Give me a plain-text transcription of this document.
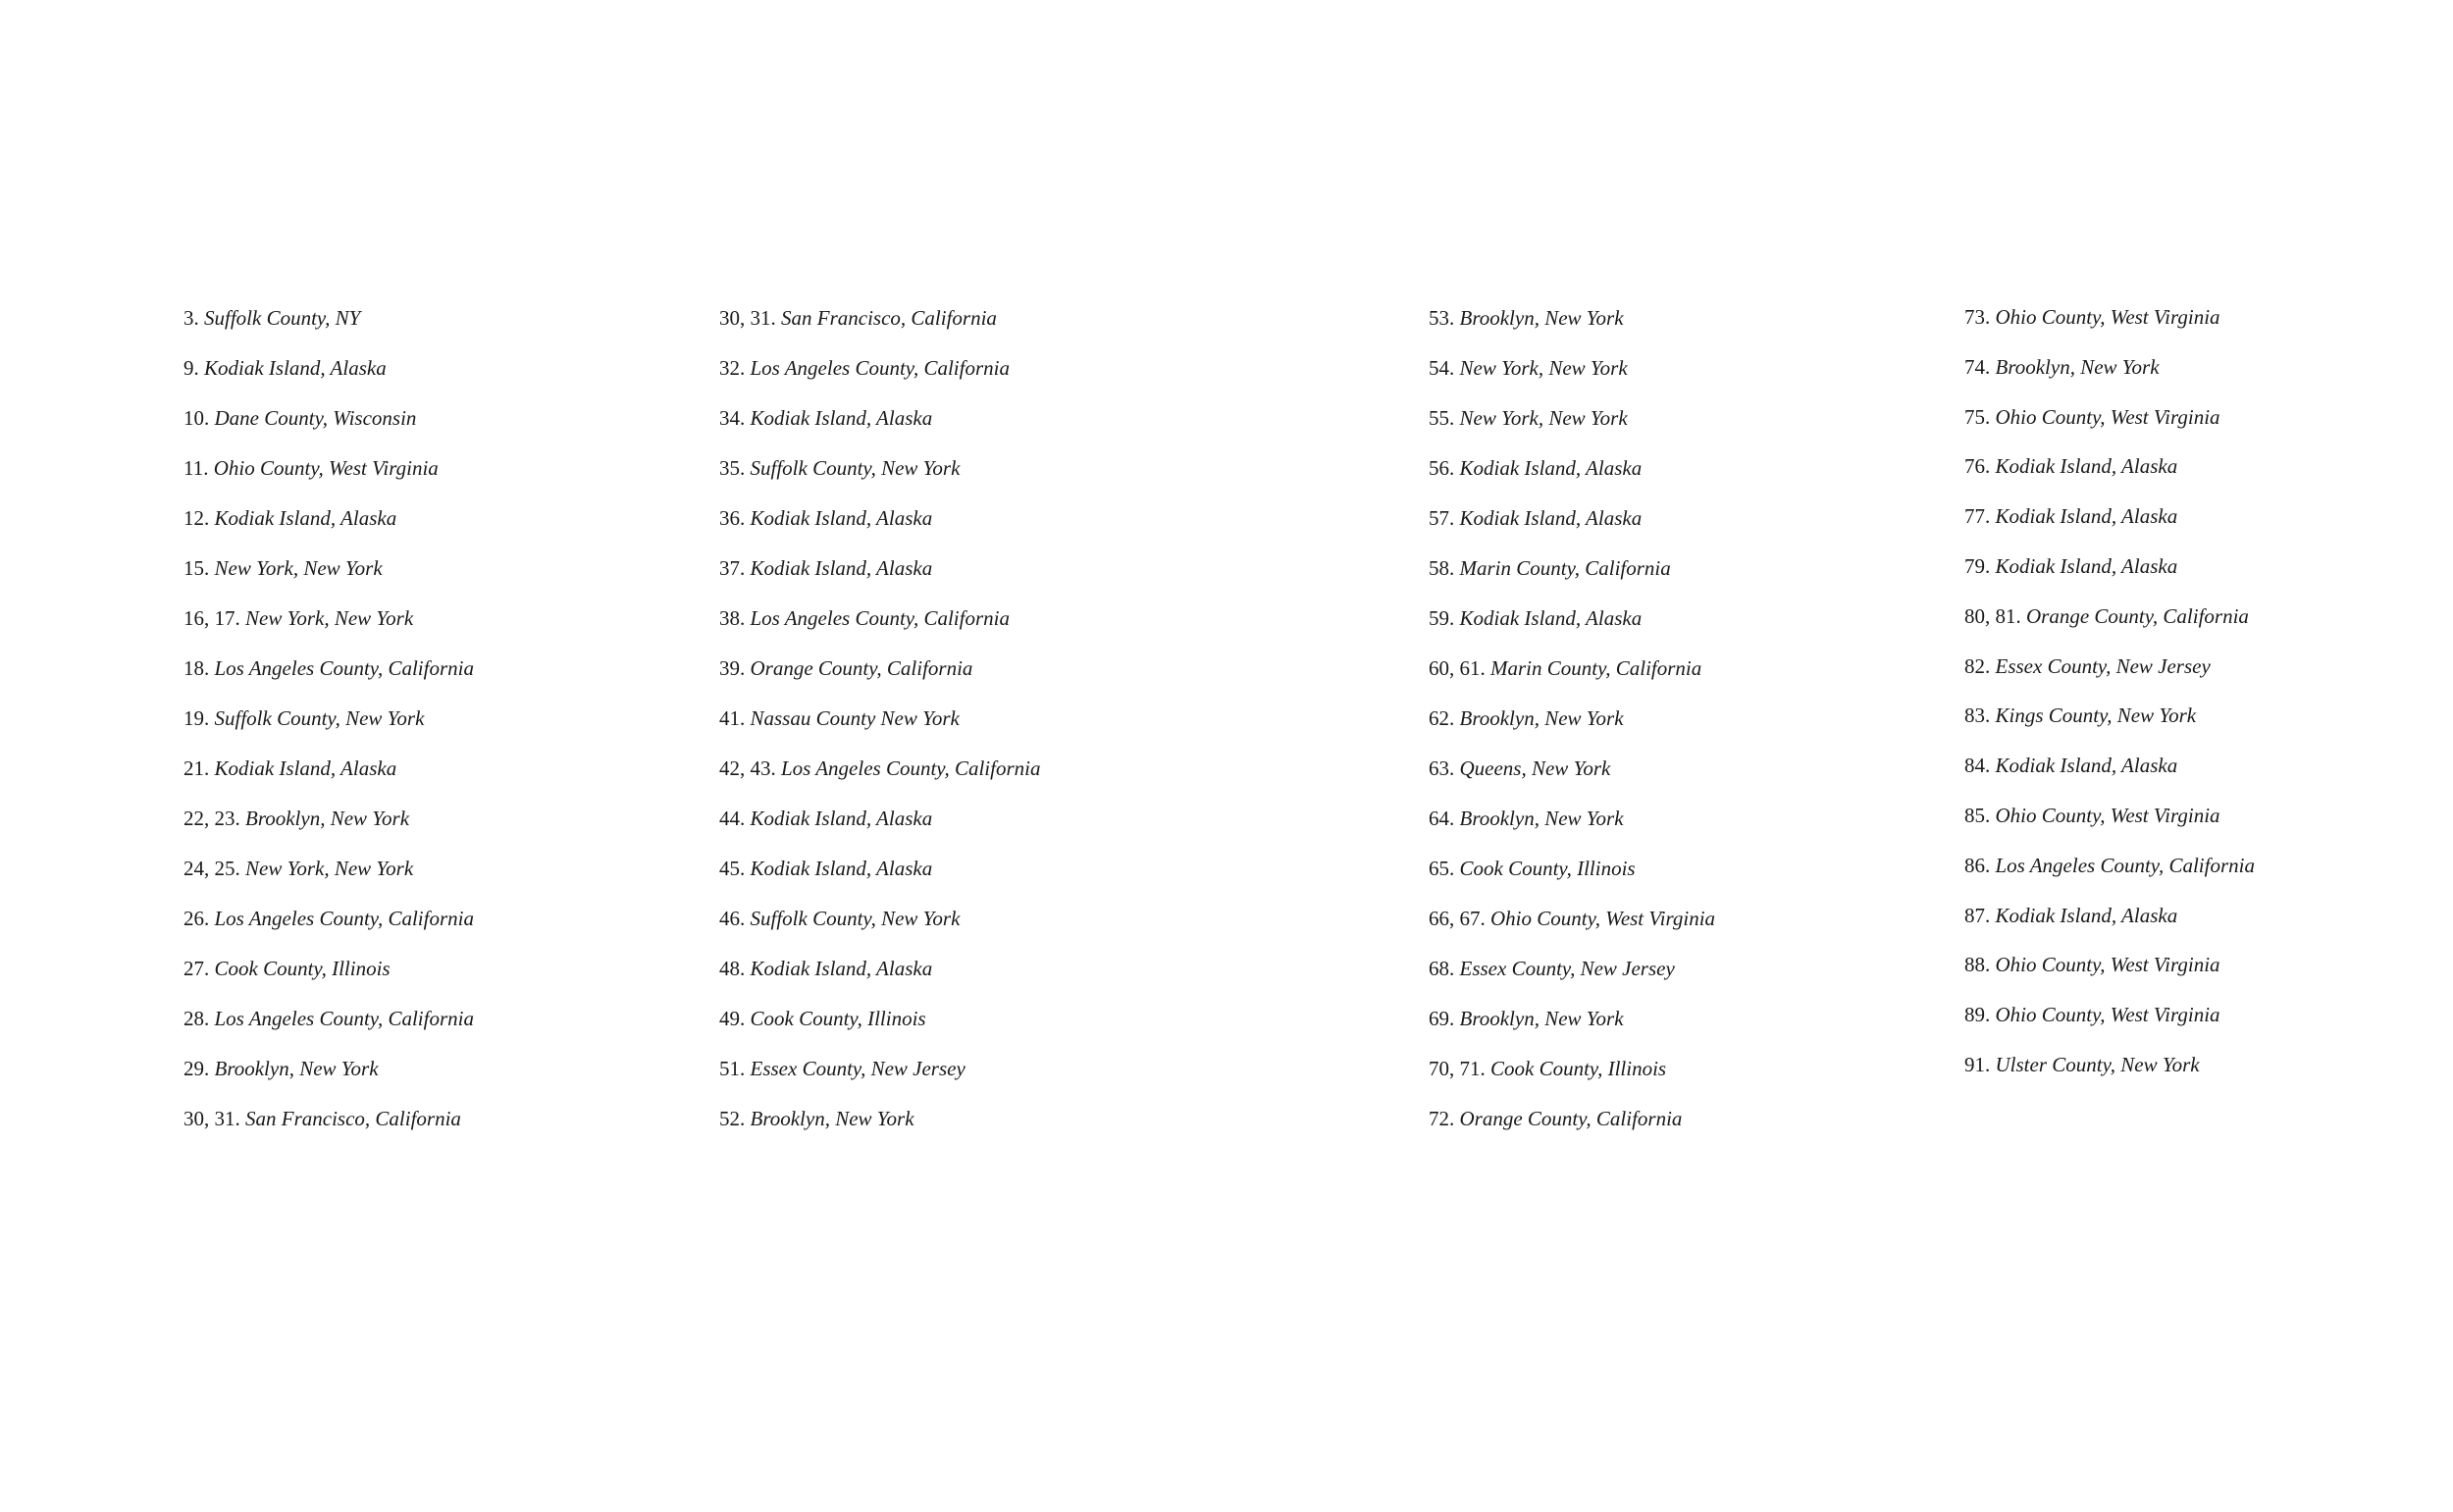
3. Suffolk County, NY
9. Kodiak Island, Alaska
10. Dane County, Wisconsin
11. Ohio County, West Virginia
12. Kodiak Island, Alaska
15. New York, New York
16, 17. New York, New York
18. Los Angeles County, California
19. Suffolk County, New York
21. Kodiak Island, Alaska
22, 23. Brooklyn, New York
24, 25. New York, New York
26. Los Angeles County, California
27. Cook County, Illinois
28. Los Angeles County, California
29. Brooklyn, New York
30, 31. San Francisco, California
30, 31. San Francisco, California
32. Los Angeles County, California
34. Kodiak Island, Alaska
35. Suffolk County, New York
36. Kodiak Island, Alaska
37. Kodiak Island, Alaska
38. Los Angeles County, California
39. Orange County, California
41. Nassau County New York
42, 43. Los Angeles County, California
44. Kodiak Island, Alaska
45. Kodiak Island, Alaska
46. Suffolk County, New York
48. Kodiak Island, Alaska
49. Cook County, Illinois
51. Essex County, New Jersey
52. Brooklyn, New York
53. Brooklyn, New York
54. New York, New York
55. New York, New York
56. Kodiak Island, Alaska
57. Kodiak Island, Alaska
58. Marin County, California
59. Kodiak Island, Alaska
60, 61. Marin County, California
62. Brooklyn, New York
63. Queens, New York
64. Brooklyn, New York
65. Cook County, Illinois
66, 67. Ohio County, West Virginia
68. Essex County, New Jersey
69. Brooklyn, New York
70, 71. Cook County, Illinois
72. Orange County, California
73. Ohio County, West Virginia
74. Brooklyn, New York
75. Ohio County, West Virginia
76. Kodiak Island, Alaska
77. Kodiak Island, Alaska
79. Kodiak Island, Alaska
80, 81. Orange County, California
82. Essex County, New Jersey
83. Kings County, New York
84. Kodiak Island, Alaska
85. Ohio County, West Virginia
86. Los Angeles County, California
87. Kodiak Island, Alaska
88. Ohio County, West Virginia
89. Ohio County, West Virginia
91. Ulster County, New York
